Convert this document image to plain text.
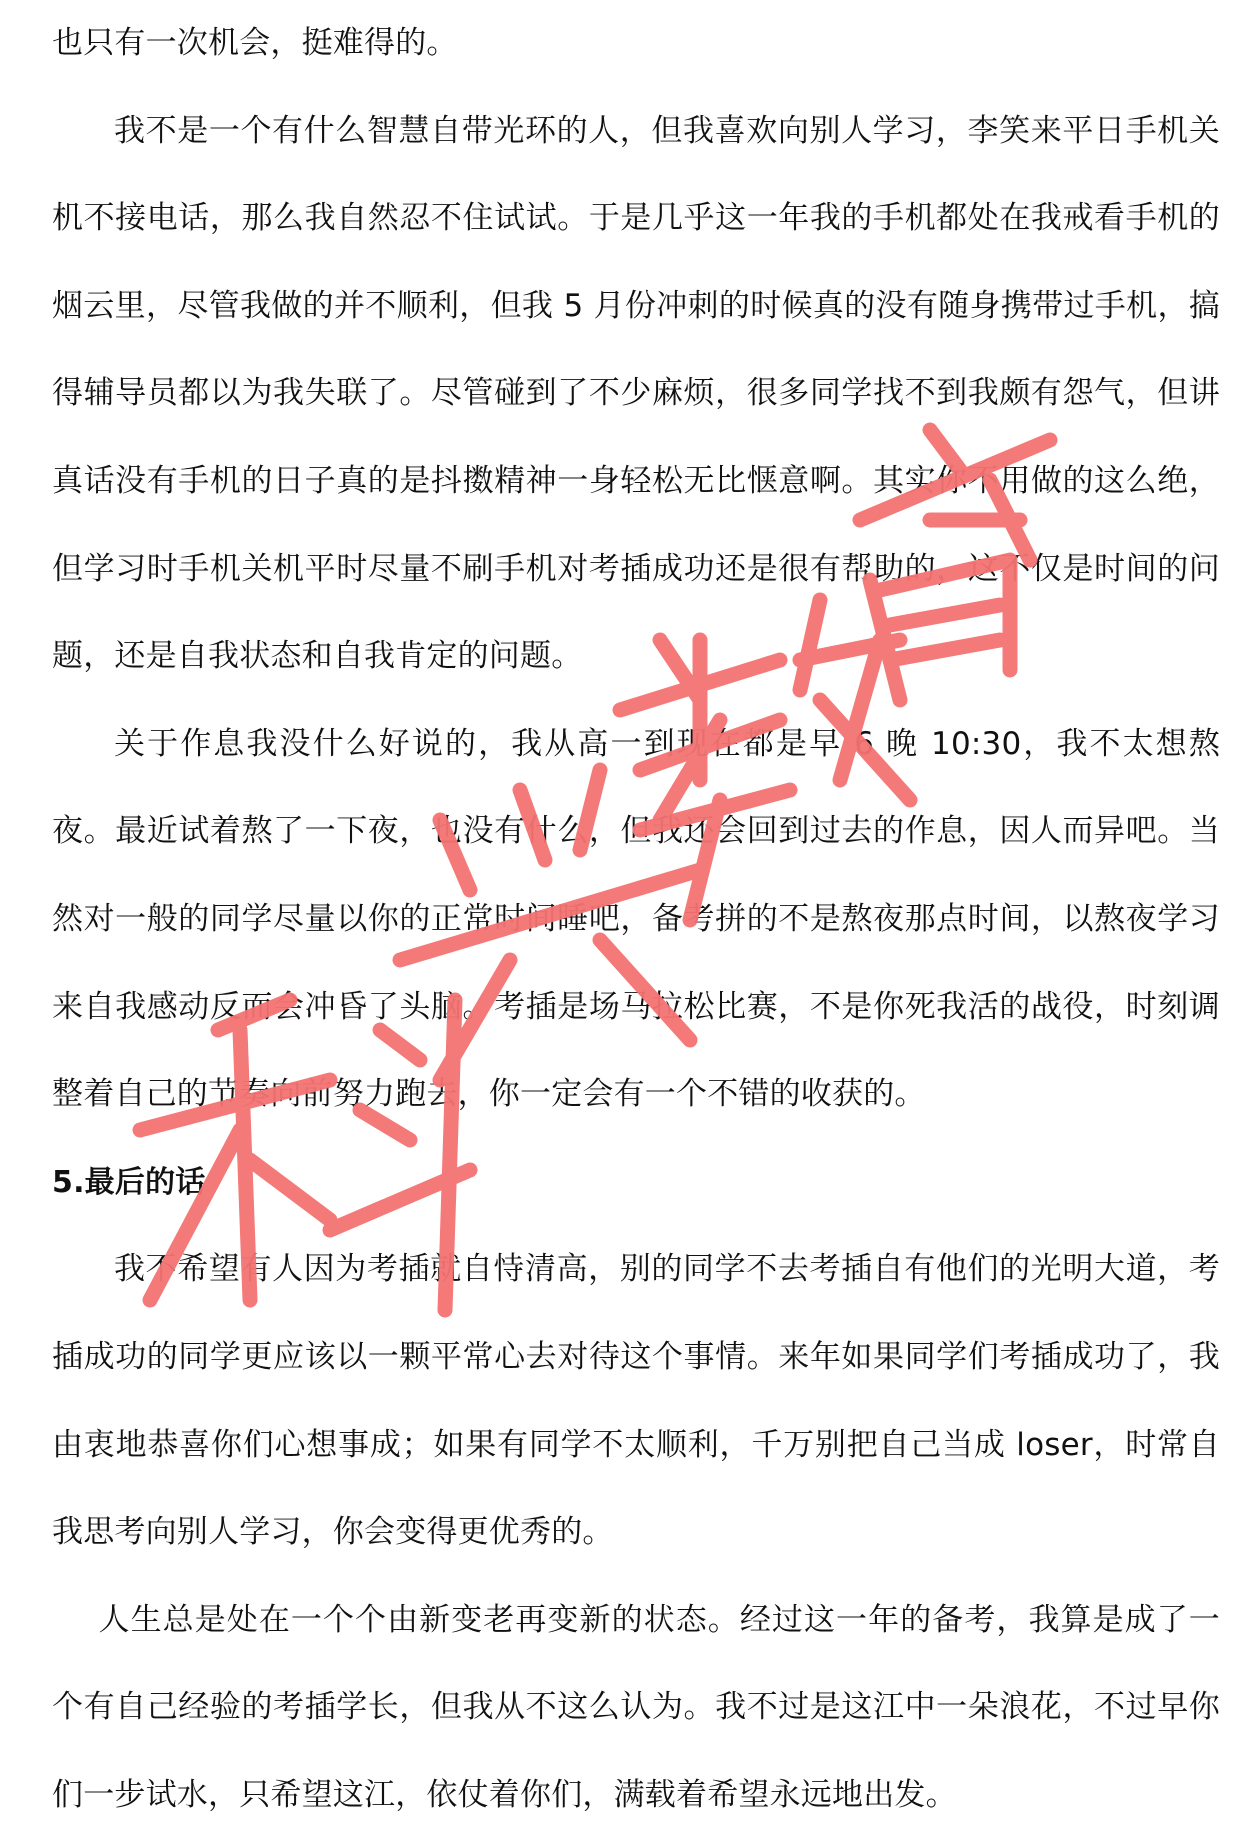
也只有一次机会，挺难得的。

我不是一个有什么智慧自带光环的人，但我喜欢向别人学习，李笑来平日手机关机不接电话，那么我自然忍不住试试。于是几乎这一年我的手机都处在我戒看手机的烟云里，尽管我做的并不顺利，但我 5 月份冲刺的时候真的没有随身携带过手机，搞得辅导员都以为我失联了。尽管碰到了不少麻烦，很多同学找不到我颇有怨气，但讲真话没有手机的日子真的是抖擞精神一身轻松无比惬意啊。其实你不用做的这么绝，但学习时手机关机平时尽量不刷手机对考插成功还是很有帮助的，这不仅是时间的问题，还是自我状态和自我肯定的问题。

关于作息我没什么好说的，我从高一到现在都是早 6 晚 10:30，我不太想熬夜。最近试着熬了一下夜，也没有什么，但我还会回到过去的作息，因人而异吧。当然对一般的同学尽量以你的正常时间睡吧，备考拼的不是熬夜那点时间，以熬夜学习来自我感动反而会冲昏了头脑。考插是场马拉松比赛，不是你死我活的战役，时刻调整着自己的节奏向前努力跑去，你一定会有一个不错的收获的。

5.最后的话

我不希望有人因为考插就自恃清高，别的同学不去考插自有他们的光明大道，考插成功的同学更应该以一颗平常心去对待这个事情。来年如果同学们考插成功了，我由衷地恭喜你们心想事成；如果有同学不太顺利，千万别把自己当成 loser，时常自我思考向别人学习，你会变得更优秀的。

人生总是处在一个个由新变老再变新的状态。经过这一年的备考，我算是成了一个有自己经验的考插学长，但我从不这么认为。我不过是这江中一朵浪花，不过早你们一步试水，只希望这江，依仗着你们，满载着希望永远地出发。
